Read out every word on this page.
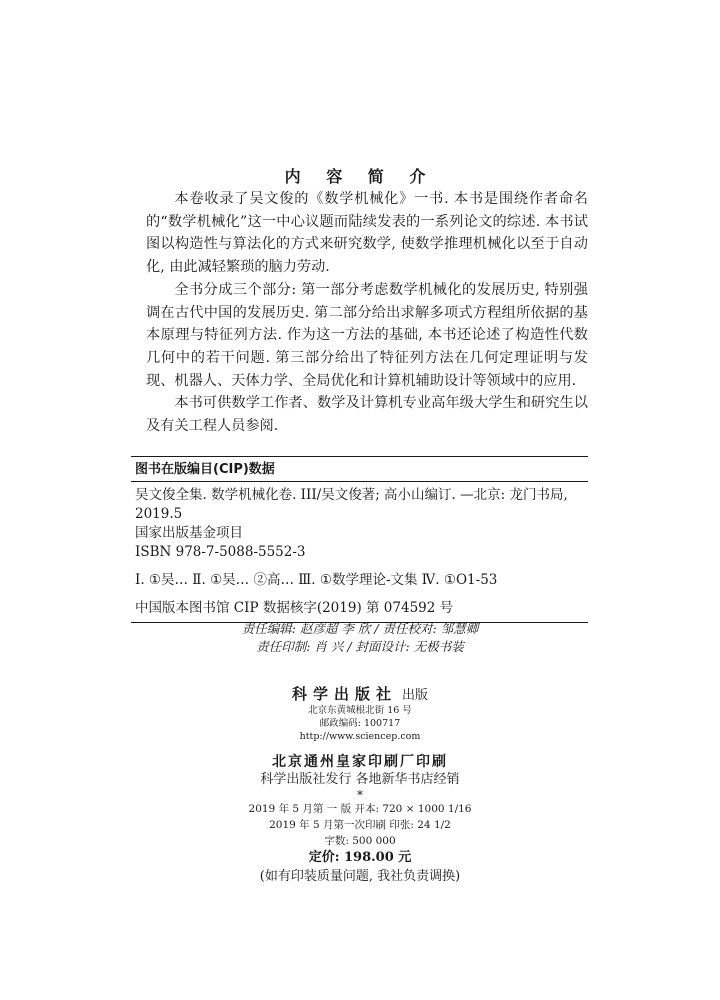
内 容 简 介

本卷收录了吴文俊的《数学机械化》一书. 本书是围绕作者命名的“数学机械化”这一中心议题而陆续发表的一系列论文的综述. 本书试图以构造性与算法化的方式来研究数学, 使数学推理机械化以至于自动化, 由此减轻繁琐的脑力劳动.

全书分成三个部分: 第一部分考虑数学机械化的发展历史, 特别强调在古代中国的发展历史. 第二部分给出求解多项式方程组所依据的基本原理与特征列方法. 作为这一方法的基础, 本书还论述了构造性代数几何中的若干问题. 第三部分给出了特征列方法在几何定理证明与发现、机器人、天体力学、全局优化和计算机辅助设计等领域中的应用.

本书可供数学工作者、数学及计算机专业高年级大学生和研究生以及有关工程人员参阅.

图书在版编目(CIP)数据
吴文俊全集. 数学机械化卷. III/吴文俊著; 高小山编订. —北京: 龙门书局, 2019.5
国家出版基金项目
ISBN 978-7-5088-5552-3
Ⅰ. ①吴… Ⅱ. ①吴… ②高… Ⅲ. ①数学理论-文集 Ⅳ. ①O1-53
中国版本图书馆 CIP 数据核字(2019) 第 074592 号
责任编辑: 赵彦超 李 欣 / 责任校对: 邹慧卿
责任印制: 肖 兴 / 封面设计: 无极书装
科学出版社 出版
北京东黄城根北街 16 号
邮政编码: 100717
http://www.sciencep.com
北京通州皇家印刷厂印刷
科学出版社发行 各地新华书店经销
*
2019 年 5 月第 一 版 开本: 720 × 1000 1/16
2019 年 5 月第一次印刷 印张: 24 1/2
字数: 500 000
定价: 198.00 元
(如有印装质量问题, 我社负责调换)
